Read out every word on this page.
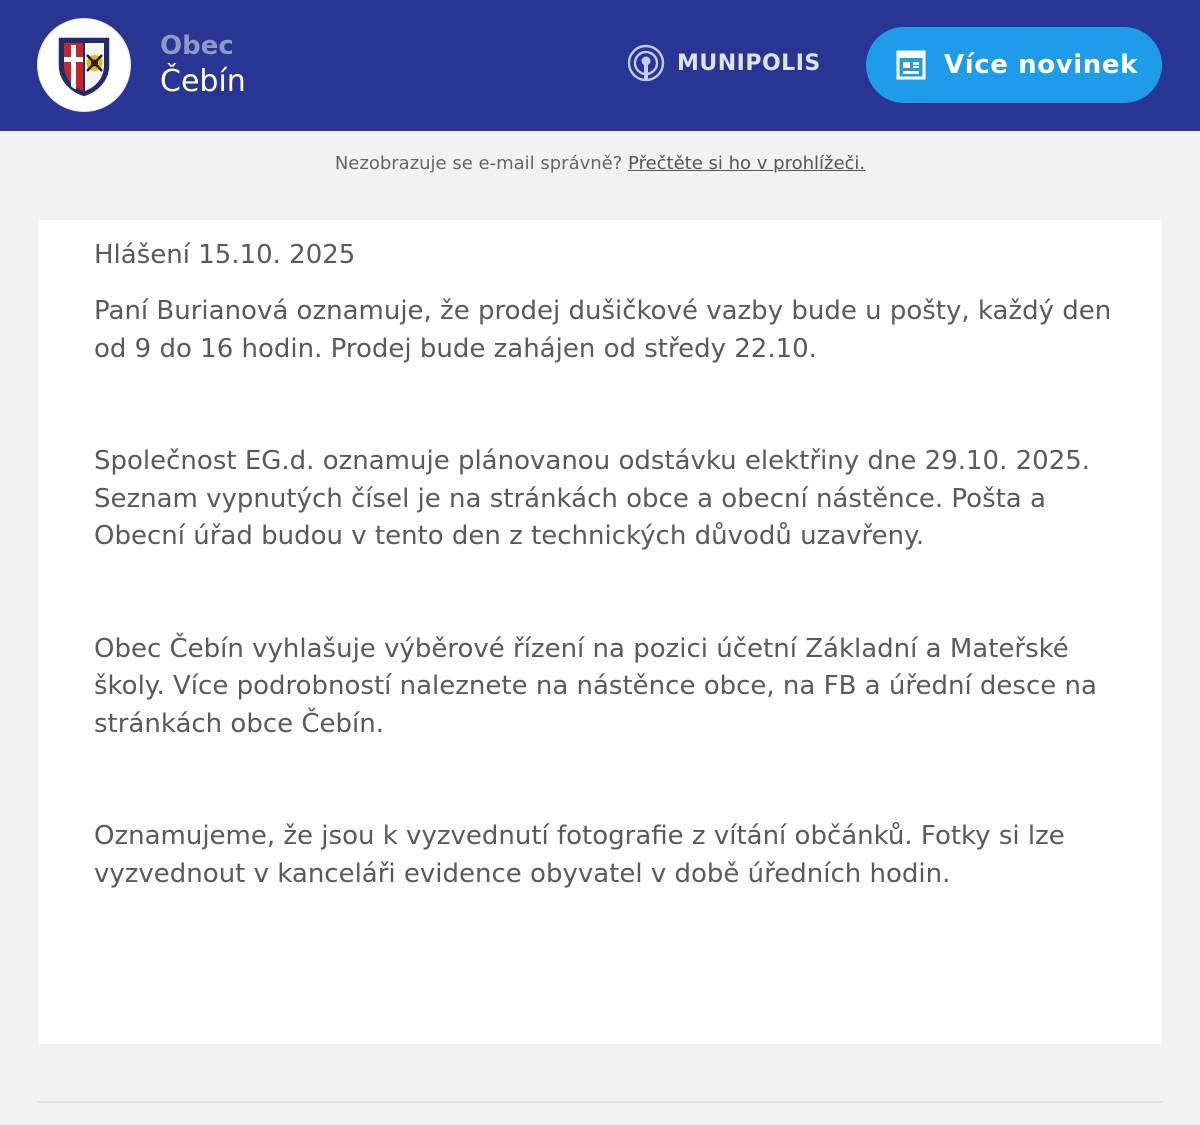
Obec
Čebín
MUNIPOLIS	Více novinek
Nezobrazuje se e-mail správně? Přečtěte si ho v prohlížeči.

Hlášení 15.10. 2025

Paní Burianová oznamuje, že prodej dušičkové vazby bude u pošty, každý den od 9 do 16 hodin. Prodej bude zahájen od středy 22.10.

Společnost EG.d. oznamuje plánovanou odstávku elektřiny dne 29.10. 2025. Seznam vypnutých čísel je na stránkách obce a obecní nástěnce. Pošta a Obecní úřad budou v tento den z technických důvodů uzavřeny.

Obec Čebín vyhlašuje výběrové řízení na pozici účetní Základní a Mateřské školy. Více podrobností naleznete na nástěnce obce, na FB a úřední desce na stránkách obce Čebín.

Oznamujeme, že jsou k vyzvednutí fotografie z vítání občánků. Fotky si lze vyzvednout v kanceláři evidence obyvatel v době úředních hodin.
